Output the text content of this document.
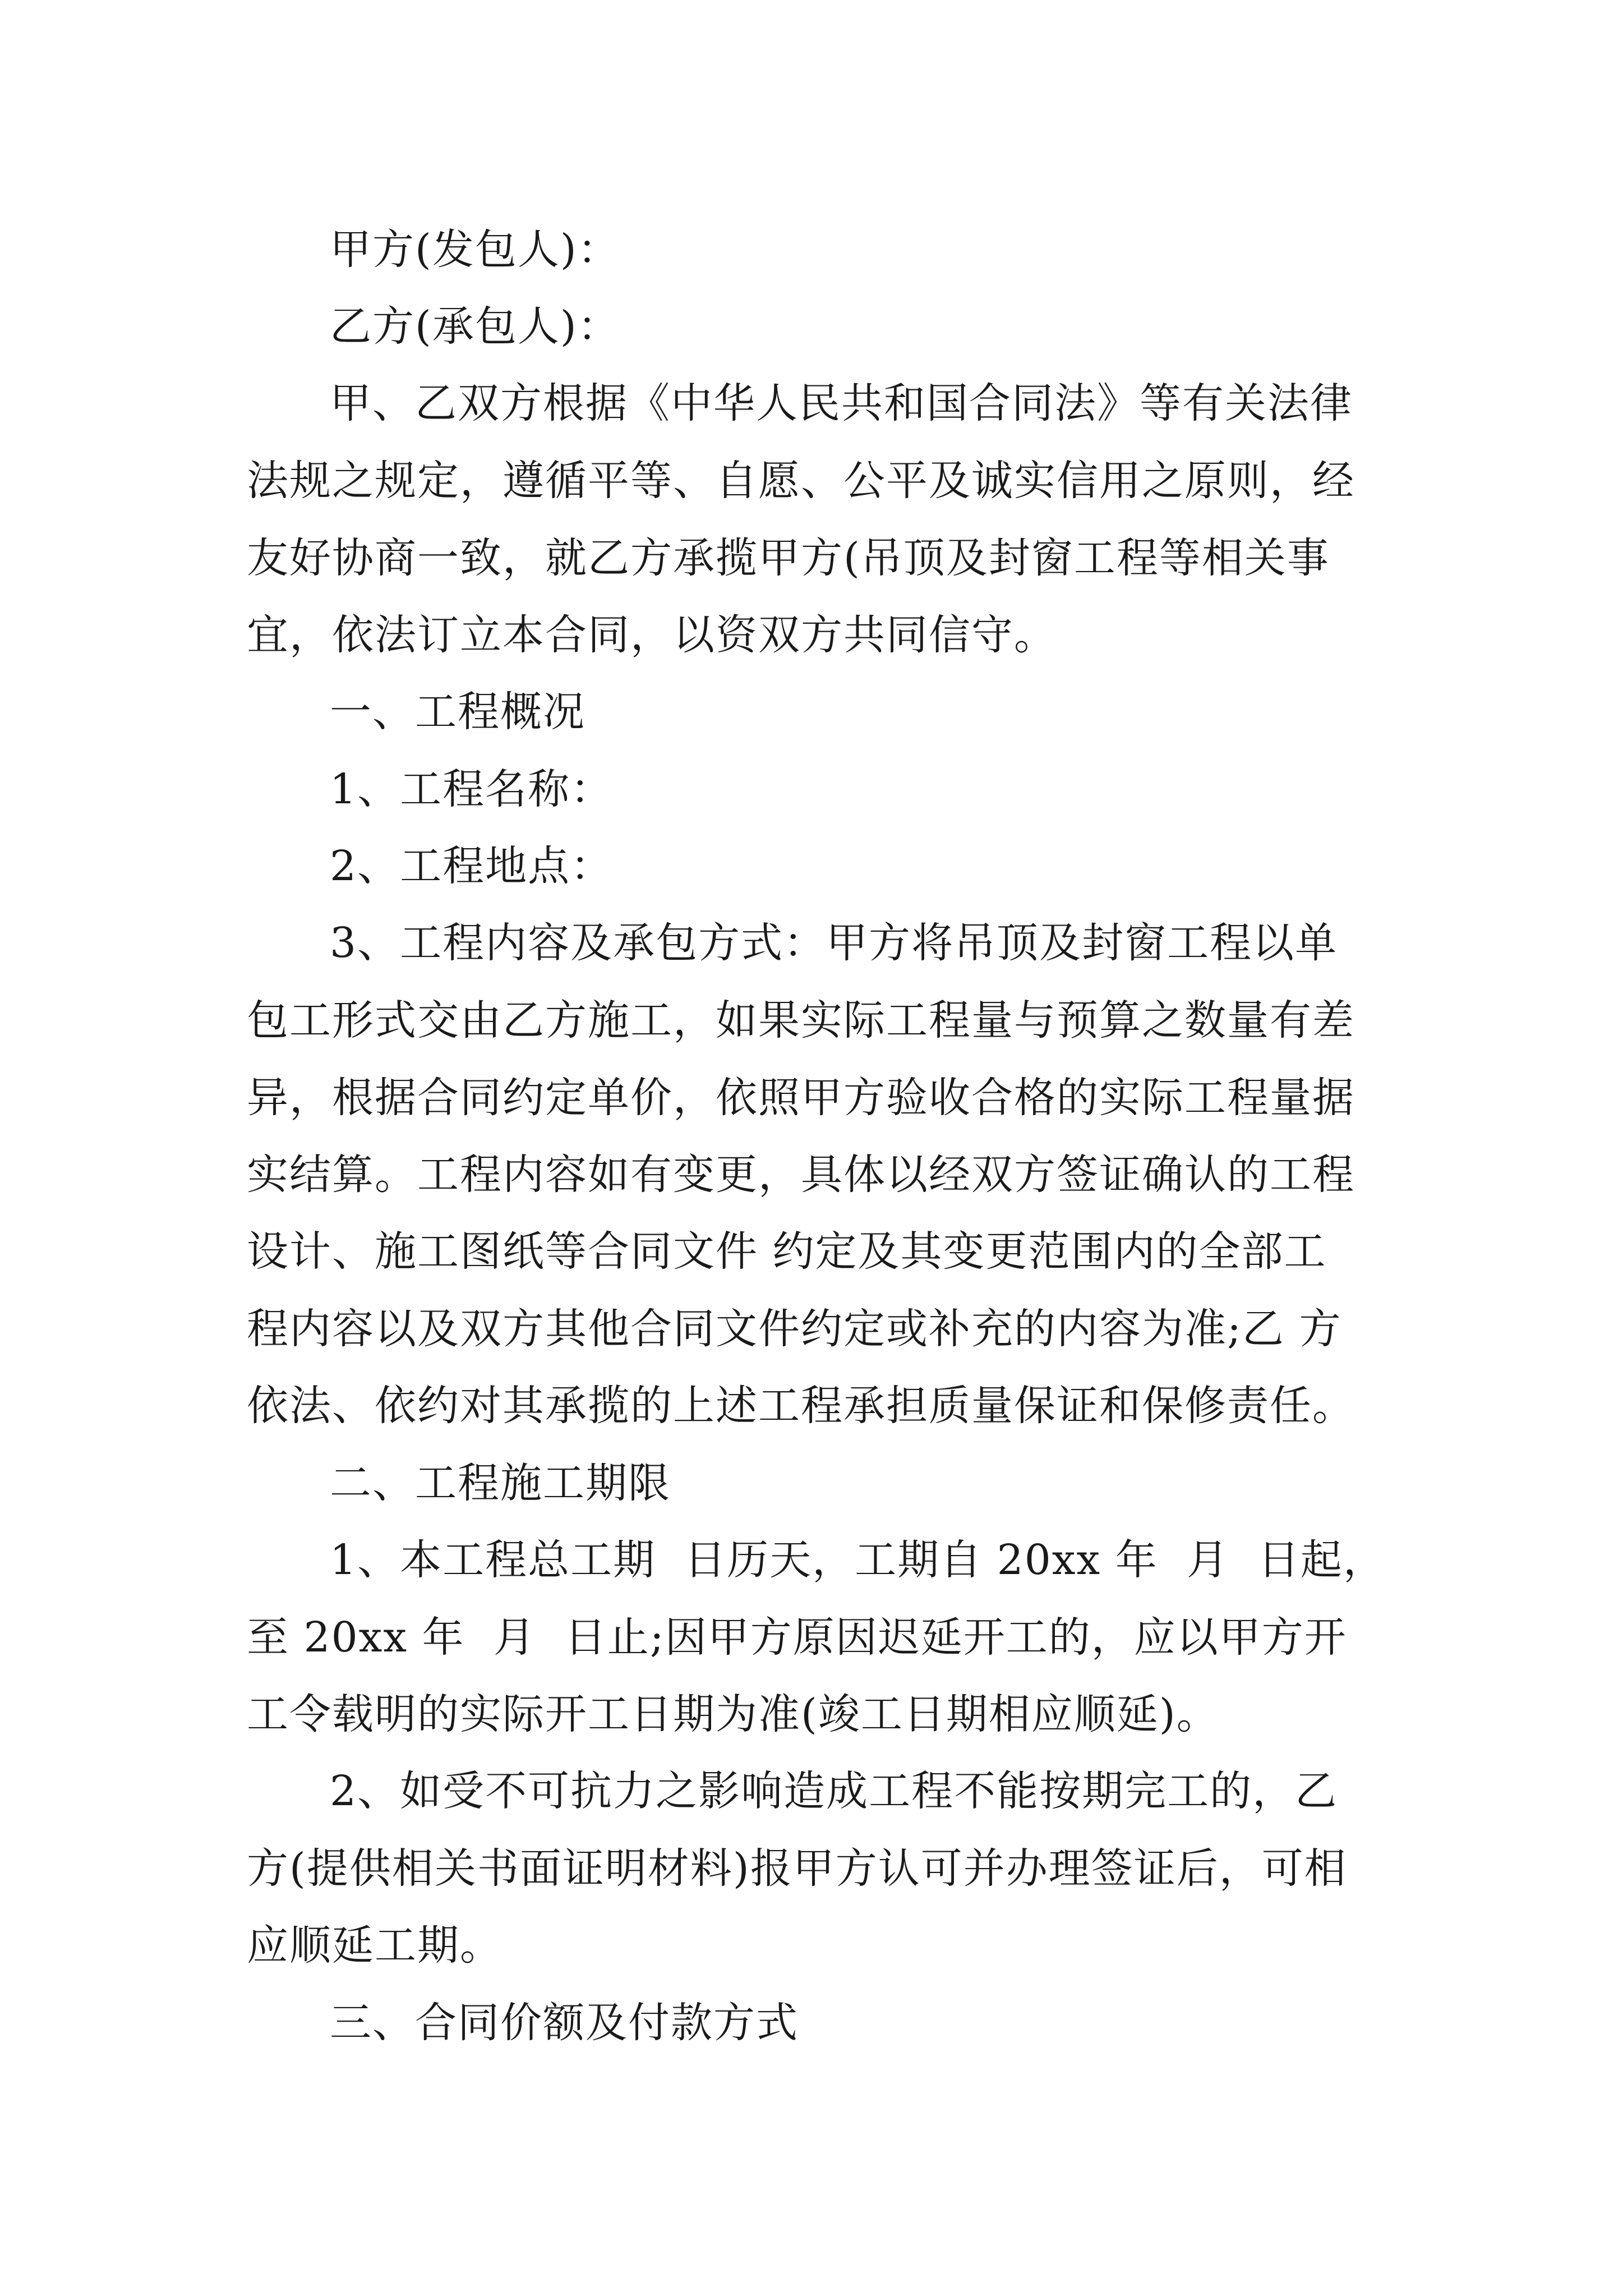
甲方(发包人)：

乙方(承包人)：

甲、乙双方根据《中华人民共和国合同法》等有关法律

法规之规定，遵循平等、自愿、公平及诚实信用之原则，经

友好协商一致，就乙方承揽甲方(吊顶及封窗工程等相关事

宜，依法订立本合同，以资双方共同信守。

一、工程概况

1、工程名称：

2、工程地点：

3、工程内容及承包方式：甲方将吊顶及封窗工程以单

包工形式交由乙方施工，如果实际工程量与预算之数量有差

异，根据合同约定单价，依照甲方验收合格的实际工程量据

实结算。工程内容如有变更，具体以经双方签证确认的工程

设计、施工图纸等合同文件 约定及其变更范围内的全部工

程内容以及双方其他合同文件约定或补充的内容为准;乙 方

依法、依约对其承揽的上述工程承担质量保证和保修责任。

二、工程施工期限

1、本工程总工期  日历天，工期自 20xx 年  月  日起，

至 20xx 年  月  日止;因甲方原因迟延开工的，应以甲方开

工令载明的实际开工日期为准(竣工日期相应顺延)。

2、如受不可抗力之影响造成工程不能按期完工的，乙

方(提供相关书面证明材料)报甲方认可并办理签证后，可相

应顺延工期。

三、合同价额及付款方式
